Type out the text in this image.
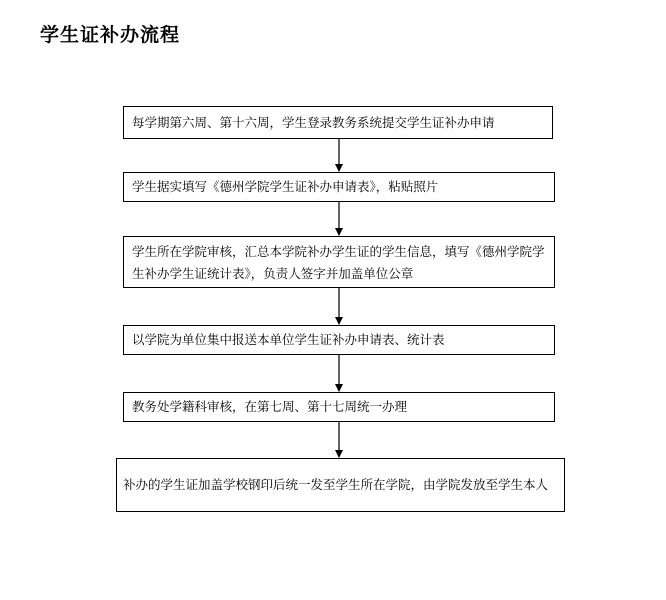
学生证补办流程
每学期第六周、第十六周，学生登录教务系统提交学生证补办申请
学生据实填写《德州学院学生证补办申请表》，粘贴照片
学生所在学院审核，汇总本学院补办学生证的学生信息，填写《德州学院学生补办学生证统计表》，负责人签字并加盖单位公章
以学院为单位集中报送本单位学生证补办申请表、统计表
教务处学籍科审核，在第七周、第十七周统一办理
补办的学生证加盖学校钢印后统一发至学生所在学院，由学院发放至学生本人
